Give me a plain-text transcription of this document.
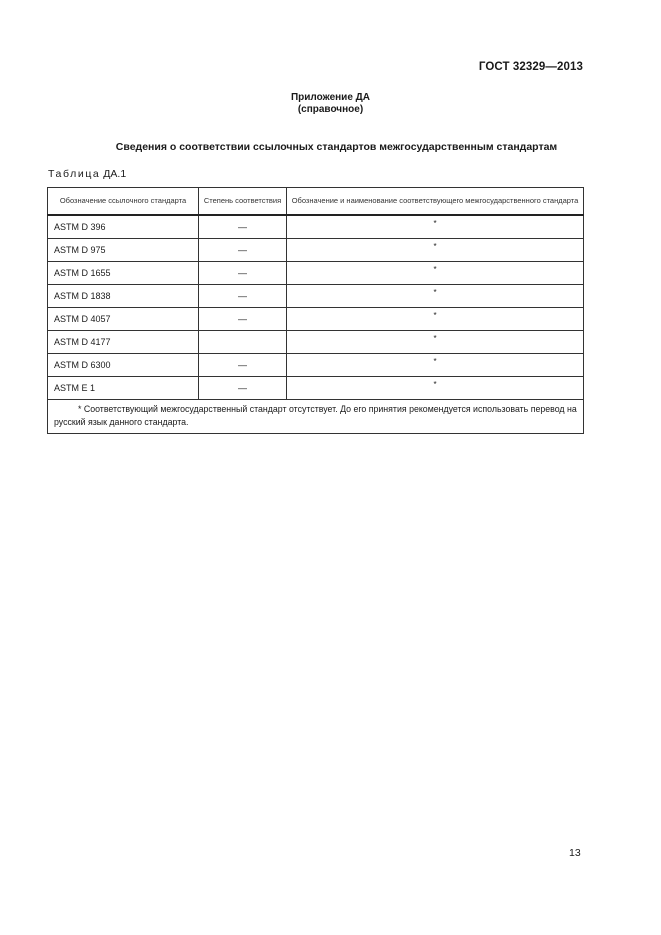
ГОСТ 32329—2013
Приложение ДА
(справочное)
Сведения о соответствии ссылочных стандартов межгосударственным стандартам
Таблица ДА.1
Обозначение ссылочного стандарта	Степень соответствия	Обозначение и наименование соответствующего межгосударственного стандарта
ASTM D 396	—	*
ASTM D 975	—	*
ASTM D 1655	—	*
ASTM D 1838	—	*
ASTM D 4057	—	*
ASTM D 4177		*
ASTM D 6300	—	*
ASTM E 1	—	*
* Соответствующий межгосударственный стандарт отсутствует. До его принятия рекомендуется использовать перевод на русский язык данного стандарта.		
13
